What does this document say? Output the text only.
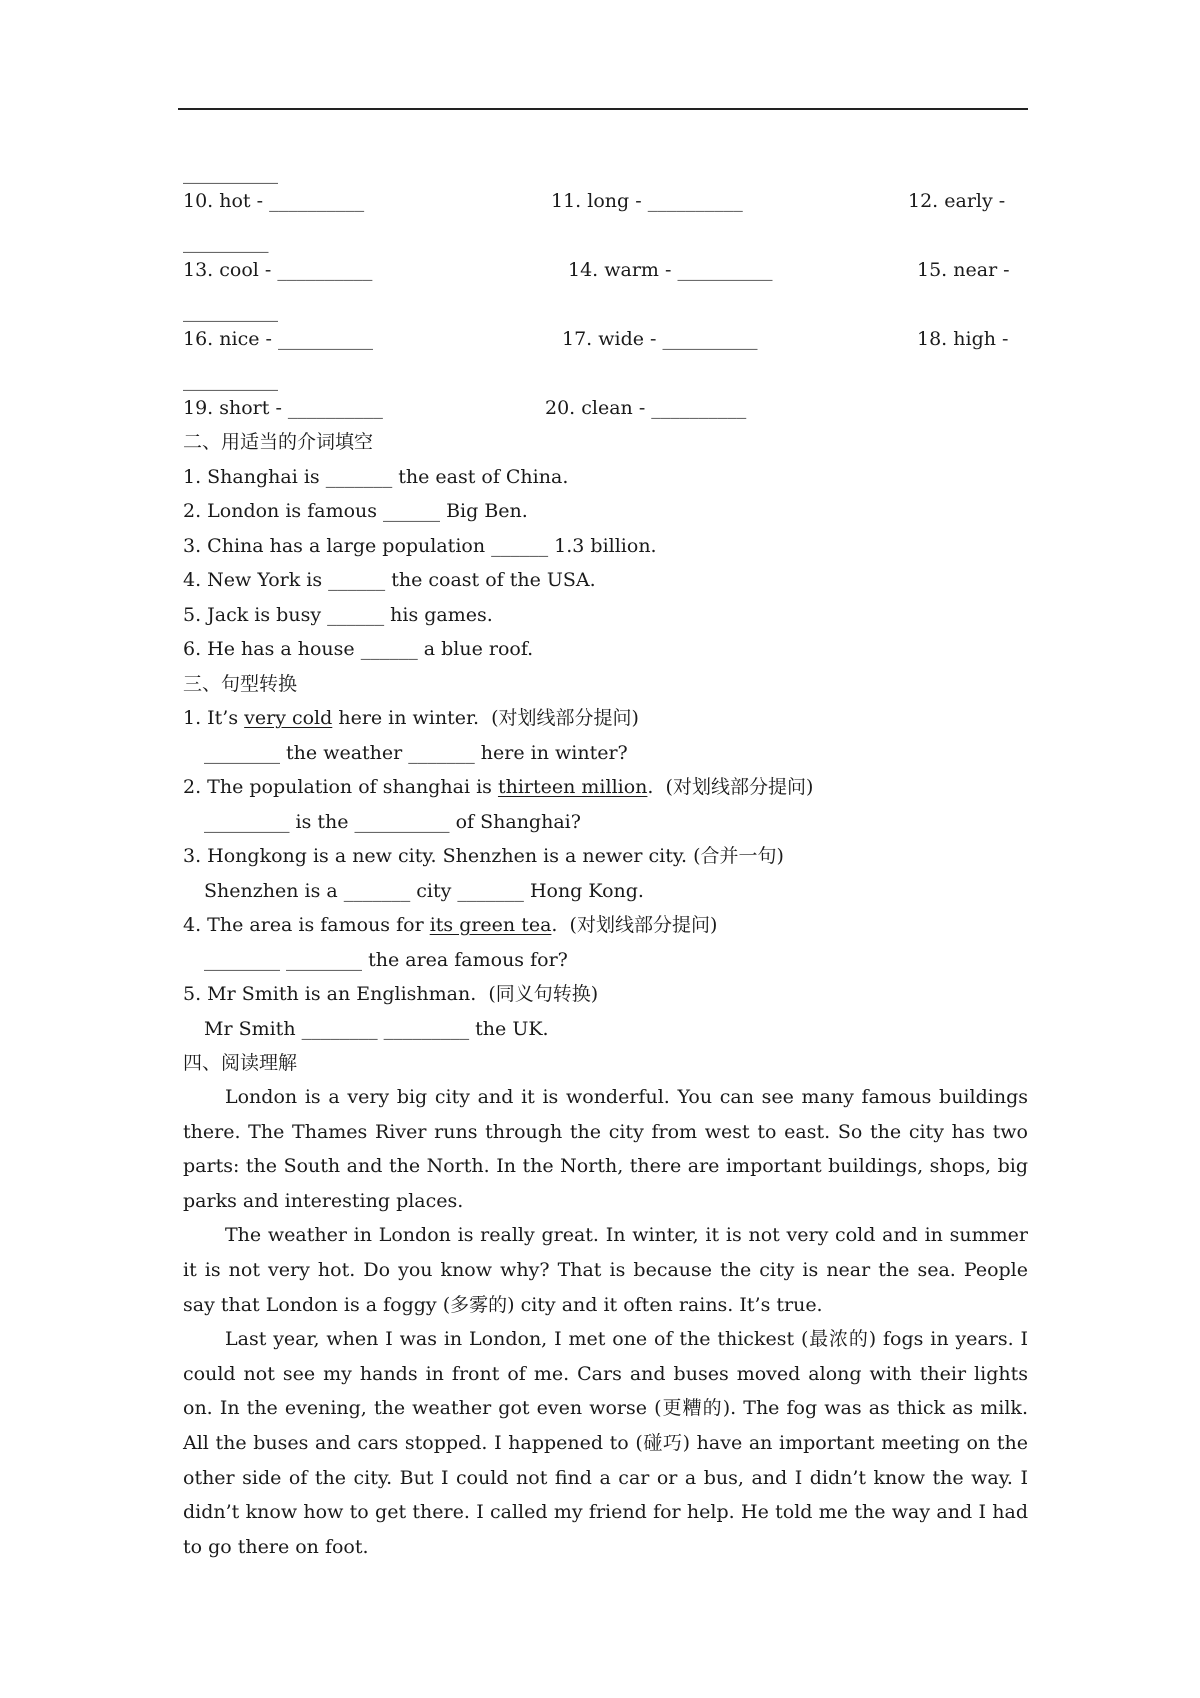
__________
10. hot - __________	11. long - __________	12. early -
_________
13. cool - __________	14. warm - __________	15. near -
__________
16. nice - __________	17. wide - __________	18. high -
__________
19. short - __________	20. clean - __________
二、用适当的介词填空
1. Shanghai is _______ the east of China.
2. London is famous ______ Big Ben.
3. China has a large population ______ 1.3 billion.
4. New York is ______ the coast of the USA.
5. Jack is busy ______ his games.
6. He has a house ______ a blue roof.
三、句型转换
1. It’s very cold here in winter.  (对划线部分提问)
________ the weather _______ here in winter?
2. The population of shanghai is thirteen million.  (对划线部分提问)
_________ is the __________ of Shanghai?
3. Hongkong is a new city. Shenzhen is a newer city. (合并一句)
Shenzhen is a _______ city _______ Hong Kong.
4. The area is famous for its green tea.  (对划线部分提问)
________ ________ the area famous for?
5. Mr Smith is an Englishman.  (同义句转换)
Mr Smith ________ _________ the UK.
四、阅读理解

London is a very big city and it is wonderful. You can see many famous buildings there. The Thames River runs through the city from west to east. So the city has two parts: the South and the North. In the North, there are important buildings, shops, big parks and interesting places.

The weather in London is really great. In winter, it is not very cold and in summer it is not very hot. Do you know why? That is because the city is near the sea. People say that London is a foggy (多雾的) city and it often rains. It’s true.

Last year, when I was in London, I met one of the thickest (最浓的) fogs in years. I could not see my hands in front of me. Cars and buses moved along with their lights on. In the evening, the weather got even worse (更糟的). The fog was as thick as milk. All the buses and cars stopped. I happened to (碰巧) have an important meeting on the other side of the city. But I could not find a car or a bus, and I didn’t know the way. I didn’t know how to get there. I called my friend for help. He told me the way and I had to go there on foot.
